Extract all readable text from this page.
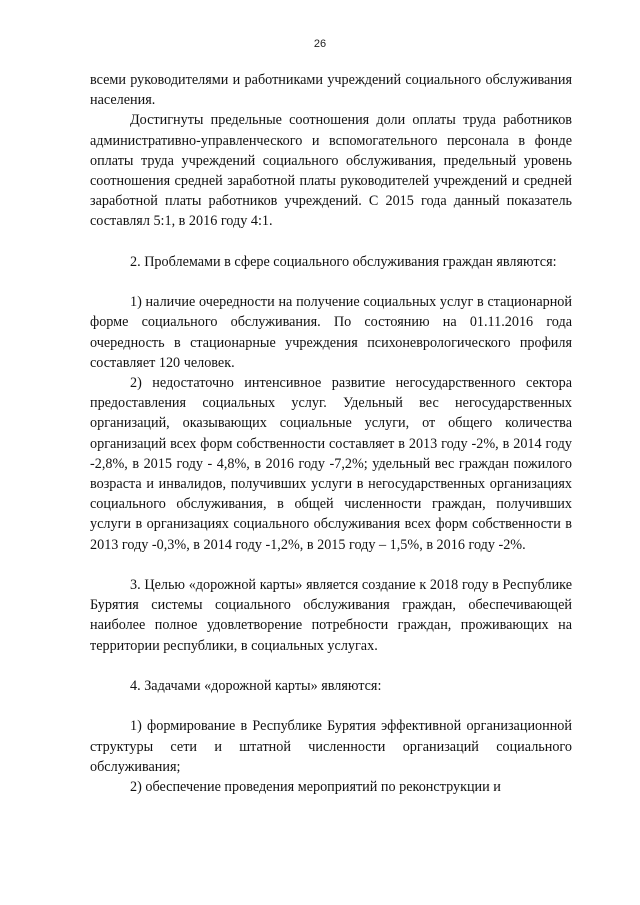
26

всеми руководителями и работниками учреждений социального обслуживания населения.

Достигнуты предельные соотношения доли оплаты труда работников административно-управленческого и вспомогательного персонала в фонде оплаты труда учреждений социального обслуживания, предельный уровень соотношения средней заработной платы руководителей учреждений и средней заработной платы работников учреждений. С 2015 года данный показатель составлял 5:1, в 2016 году 4:1.

2. Проблемами в сфере социального обслуживания граждан являются:

1) наличие очередности на получение социальных услуг в стационарной форме социального обслуживания. По состоянию на 01.11.2016 года очередность в стационарные учреждения психоневрологического профиля составляет 120 человек.

2) недостаточно интенсивное развитие негосударственного сектора предоставления социальных услуг. Удельный вес негосударственных организаций, оказывающих социальные услуги, от общего количества организаций всех форм собственности составляет в 2013 году -2%, в 2014 году -2,8%, в 2015 году - 4,8%, в 2016 году -7,2%; удельный вес граждан пожилого возраста и инвалидов, получивших услуги в негосударственных организациях социального обслуживания, в общей численности граждан, получивших услуги в организациях социального обслуживания всех форм собственности в 2013 году -0,3%, в 2014 году -1,2%, в 2015 году – 1,5%, в 2016 году -2%.

3. Целью «дорожной карты» является создание к 2018 году в Республике Бурятия системы социального обслуживания граждан, обеспечивающей наиболее полное удовлетворение потребности граждан, проживающих на территории республики, в социальных услугах.

4. Задачами «дорожной карты» являются:

1) формирование в Республике Бурятия эффективной организационной структуры сети и штатной численности организаций социального обслуживания;

2) обеспечение проведения мероприятий по реконструкции и
